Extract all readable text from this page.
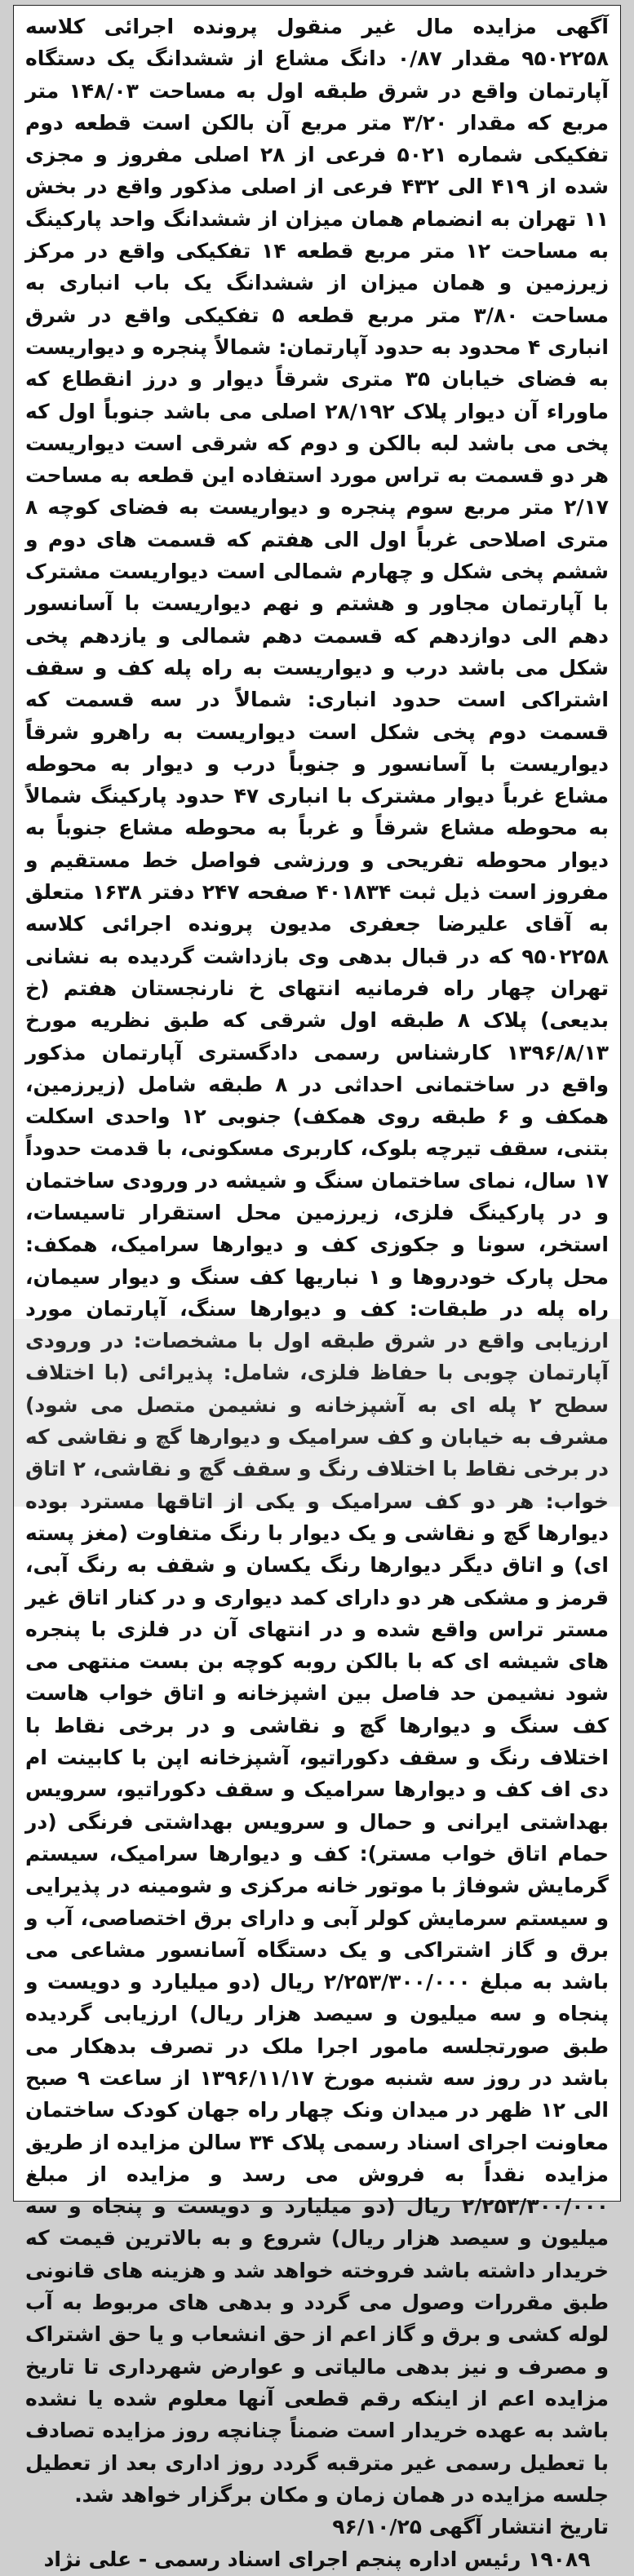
آگهی مزایده مال غیر منقول پرونده اجرائی کلاسه ۹۵۰۲۲۵۸ مقدار ۰/۸۷ دانگ مشاع از ششدانگ یک دستگاه آپارتمان واقع در شرق طبقه اول به مساحت ۱۴۸/۰۳ متر مربع که مقدار ۳/۲۰ متر مربع آن بالکن است قطعه دوم تفکیکی شماره ۵۰۲۱ فرعی از ۲۸ اصلی مفروز و مجزی شده از ۴۱۹ الی ۴۳۲ فرعی از اصلی مذکور واقع در بخش ۱۱ تهران به انضمام همان میزان از ششدانگ واحد پارکینگ به مساحت ۱۲ متر مربع قطعه ۱۴ تفکیکی واقع در مرکز زیرزمین و همان میزان از ششدانگ یک باب انباری به مساحت ۳/۸۰ متر مربع قطعه ۵ تفکیکی واقع در شرق انباری ۴ محدود به حدود آپارتمان: شمالاً پنجره و دیواریست به فضای خیابان ۳۵ متری شرقاً دیوار و درز انقطاع که ماوراء آن دیوار پلاک ۲۸/۱۹۲ اصلی می باشد جنوباً اول که پخی می باشد لبه بالکن و دوم که شرقی است دیواریست هر دو قسمت به تراس مورد استفاده این قطعه به مساحت ۲/۱۷ متر مربع سوم پنجره و دیواریست به فضای کوچه ۸ متری اصلاحی غرباً اول الی هفتم که قسمت های دوم و ششم پخی شکل و چهارم شمالی است دیواریست مشترک با آپارتمان مجاور و هشتم و نهم دیواریست با آسانسور دهم الی دوازدهم که قسمت دهم شمالی و یازدهم پخی شکل می باشد درب و دیواریست به راه پله کف و سقف اشتراکی است حدود انباری: شمالاً در سه قسمت که قسمت دوم پخی شکل است دیواریست به راهرو شرقاً دیواریست با آسانسور و جنوباً درب و دیوار به محوطه مشاع غرباً دیوار مشترک با انباری ۴۷ حدود پارکینگ شمالاً به محوطه مشاع شرقاً و غرباً به محوطه مشاع جنوباً به دیوار محوطه تفریحی و ورزشی فواصل خط مستقیم و مفروز است ذیل ثبت ۴۰۱۸۳۴ صفحه ۲۴۷ دفتر ۱۶۳۸ متعلق به آقای علیرضا جعفری مدیون پرونده اجرائی کلاسه ۹۵۰۲۲۵۸ که در قبال بدهی وی بازداشت گردیده به نشانی تهران چهار راه فرمانیه انتهای خ نارنجستان هفتم (خ بدیعی) پلاک ۸ طبقه اول شرقی که طبق نظریه مورخ ۱۳۹۶/۸/۱۳ کارشناس رسمی دادگستری آپارتمان مذکور واقع در ساختمانی احداثی در ۸ طبقه شامل (زیرزمین، همکف و ۶ طبقه روی همکف) جنوبی ۱۲ واحدی اسکلت بتنی، سقف تیرچه بلوک، کاربری مسکونی، با قدمت حدوداً ۱۷ سال، نمای ساختمان سنگ و شیشه در ورودی ساختمان و در پارکینگ فلزی، زیرزمین محل استقرار تاسیسات، استخر، سونا و جکوزی کف و دیوارها سرامیک، همکف: محل پارک خودروها و ۱ نباریها کف سنگ و دیوار سیمان، راه پله در طبقات: کف و دیوارها سنگ، آپارتمان مورد ارزیابی واقع در شرق طبقه اول با مشخصات: در ورودی آپارتمان چوبی با حفاظ فلزی، شامل: پذیرائی (با اختلاف سطح ۲ پله ای به آشپزخانه و نشیمن متصل می شود) مشرف به خیابان و کف سرامیک و دیوارها گچ و نقاشی که در برخی نقاط با اختلاف رنگ و سقف گچ و نقاشی، ۲ اتاق خواب: هر دو کف سرامیک و یکی از اتاقها مسترد بوده دیوارها گچ و نقاشی و یک دیوار با رنگ متفاوت (مغز پسته ای) و اتاق دیگر دیوارها رنگ یکسان و شقف به رنگ آبی، قرمز و مشکی هر دو دارای کمد دیواری و در کنار اتاق غیر مستر تراس واقع شده و در انتهای آن در فلزی با پنجره های شیشه ای که با بالکن روبه کوچه بن بست منتهی می شود نشیمن حد فاصل بین اشپزخانه و اتاق خواب هاست کف سنگ و دیوارها گچ و نقاشی و در برخی نقاط با اختلاف رنگ و سقف دکوراتیو، آشپزخانه اپن با کابینت ام دی اف کف و دیوارها سرامیک و سقف دکوراتیو، سرویس بهداشتی ایرانی و حمال و سرویس بهداشتی فرنگی (در حمام اتاق خواب مستر): کف و دیوارها سرامیک، سیستم گرمایش شوفاژ با موتور خانه مرکزی و شومینه در پذیرایی و سیستم سرمایش کولر آبی و دارای برق اختصاصی، آب و برق و گاز اشتراکی و یک دستگاه آسانسور مشاعی می باشد به مبلغ ۲/۲۵۳/۳۰۰/۰۰۰ ریال (دو میلیارد و دویست و پنجاه و سه میلیون و سیصد هزار ریال) ارزیابی گردیده طبق صورتجلسه مامور اجرا ملک در تصرف بدهکار می باشد در روز سه شنبه مورخ ۱۳۹۶/۱۱/۱۷ از ساعت ۹ صبح الی ۱۲ ظهر در میدان ونک چهار راه جهان کودک ساختمان معاونت اجرای اسناد رسمی پلاک ۳۴ سالن مزایده از طریق مزایده نقداً به فروش می رسد و مزایده از مبلغ ۲/۲۵۳/۳۰۰/۰۰۰ ریال (دو میلیارد و دویست و پنجاه و سه میلیون و سیصد هزار ریال) شروع و به بالاترین قیمت که خریدار داشته باشد فروخته خواهد شد و هزینه های قانونی طبق مقررات وصول می گردد و بدهی های مربوط به آب لوله کشی و برق و گاز اعم از حق انشعاب و یا حق اشتراک و مصرف و نیز بدهی مالیاتی و عوارض شهرداری تا تاریخ مزایده اعم از اینکه رقم قطعی آنها معلوم شده یا نشده باشد به عهده خریدار است ضمناً چنانچه روز مزایده تصادف با تعطیل رسمی غیر مترقبه گردد روز اداری بعد از تعطیل جلسه مزایده در همان زمان و مکان برگزار خواهد شد.

تاریخ انتشار آگهی ۹۶/۱۰/۲۵

۱۹۰۸۹ رئیس اداره پنجم اجرای اسناد رسمی - علی نژاد
